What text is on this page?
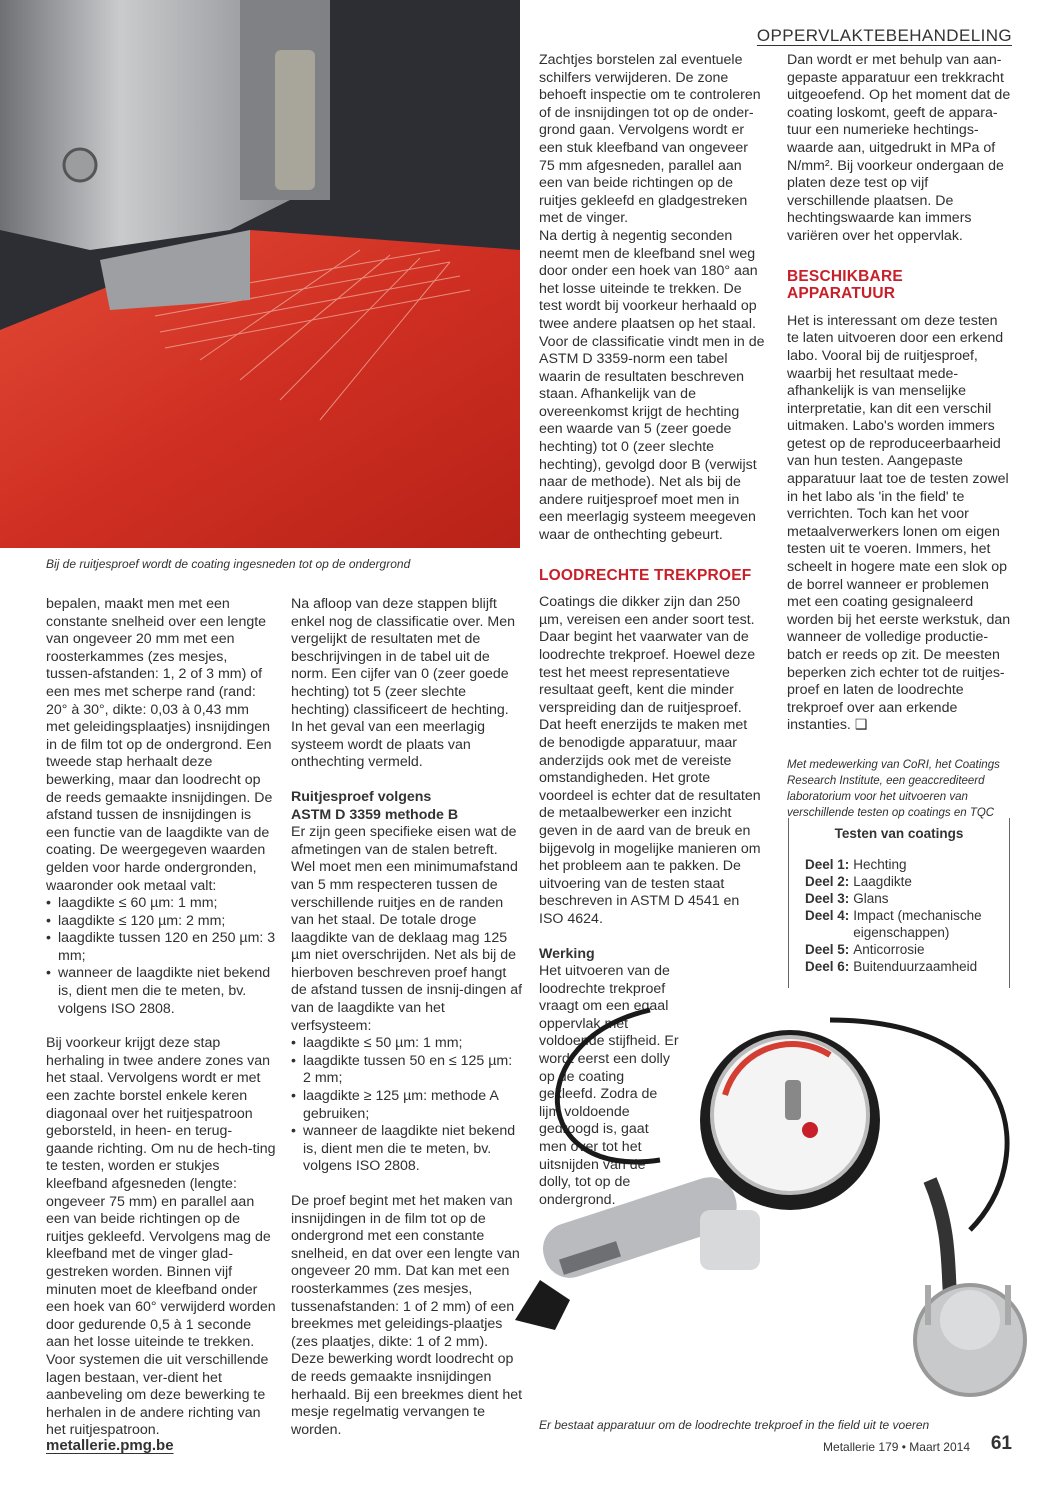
Bij de ruitjesproef wordt de coating ingesneden tot op de ondergrond
OPPERVLAKTEBEHANDELING

bepalen, maakt men met een constante snelheid over een lengte van ongeveer 20 mm met een roosterkammes (zes mesjes, tussen-afstanden: 1, 2 of 3 mm) of een mes met scherpe rand (rand: 20° à 30°, dikte: 0,03 à 0,43 mm met geleidingsplaatjes) insnijdingen in de film tot op de ondergrond. Een tweede stap herhaalt deze bewerking, maar dan loodrecht op de reeds gemaakte insnijdingen. De afstand tussen de insnijdingen is een functie van de laagdikte van de coating. De weergegeven waarden gelden voor harde ondergronden, waaronder ook metaal valt:

• laagdikte ≤ 60 µm: 1 mm;
• laagdikte ≤ 120 µm: 2 mm;
• laagdikte tussen 120 en 250 µm: 3 mm;
• wanneer de laagdikte niet bekend is, dient men die te meten, bv. volgens ISO 2808.

Bij voorkeur krijgt deze stap herhaling in twee andere zones van het staal. Vervolgens wordt er met een zachte borstel enkele keren diagonaal over het ruitjespatroon geborsteld, in heen- en terug-gaande richting. Om nu de hech-ting te testen, worden er stukjes kleefband afgesneden (lengte: ongeveer 75 mm) en parallel aan een van beide richtingen op de ruitjes gekleefd. Vervolgens mag de kleefband met de vinger glad-gestreken worden. Binnen vijf minuten moet de kleefband onder een hoek van 60° verwijderd worden door gedurende 0,5 à 1 seconde aan het losse uiteinde te trekken. Voor systemen die uit verschillende lagen bestaan, ver-dient het aanbeveling om deze bewerking te herhalen in de andere richting van het ruitjespatroon.

Na afloop van deze stappen blijft enkel nog de classificatie over. Men vergelijkt de resultaten met de beschrijvingen in de tabel uit de norm. Een cijfer van 0 (zeer goede hechting) tot 5 (zeer slechte hechting) classificeert de hechting. In het geval van een meerlagig systeem wordt de plaats van onthechting vermeld.

Ruitjesproef volgens
ASTM D 3359 methode B

Er zijn geen specifieke eisen wat de afmetingen van de stalen betreft. Wel moet men een minimumafstand van 5 mm respecteren tussen de verschillende ruitjes en de randen van het staal. De totale droge laagdikte van de deklaag mag 125 µm niet overschrijden. Net als bij de hierboven beschreven proef hangt de afstand tussen de insnij-dingen af van de laagdikte van het verfsysteem:

• laagdikte ≤ 50 µm: 1 mm;
• laagdikte tussen 50 en ≤ 125 µm: 2 mm;
• laagdikte ≥ 125 µm: methode A gebruiken;
• wanneer de laagdikte niet bekend is, dient men die te meten, bv. volgens ISO 2808.

De proef begint met het maken van insnijdingen in de film tot op de ondergrond met een constante snelheid, en dat over een lengte van ongeveer 20 mm. Dat kan met een roosterkammes (zes mesjes, tussenafstanden: 1 of 2 mm) of een breekmes met geleidings-plaatjes (zes plaatjes, dikte: 1 of 2 mm). Deze bewerking wordt loodrecht op de reeds gemaakte insnijdingen herhaald. Bij een breekmes dient het mesje regelmatig vervangen te worden.

Zachtjes borstelen zal eventuele schilfers verwijderen. De zone behoeft inspectie om te controleren of de insnijdingen tot op de onder-grond gaan. Vervolgens wordt er een stuk kleefband van ongeveer 75 mm afgesneden, parallel aan een van beide richtingen op de ruitjes gekleefd en gladgestreken met de vinger.

Na dertig à negentig seconden neemt men de kleefband snel weg door onder een hoek van 180° aan het losse uiteinde te trekken. De test wordt bij voorkeur herhaald op twee andere plaatsen op het staal. Voor de classificatie vindt men in de ASTM D 3359-norm een tabel waarin de resultaten beschreven staan. Afhankelijk van de overeenkomst krijgt de hechting een waarde van 5 (zeer goede hechting) tot 0 (zeer slechte hechting), gevolgd door B (verwijst naar de methode). Net als bij de andere ruitjesproef moet men in een meerlagig systeem meegeven waar de onthechting gebeurt.

LOODRECHTE TREKPROEF

Coatings die dikker zijn dan 250 µm, vereisen een ander soort test. Daar begint het vaarwater van de loodrechte trekproef. Hoewel deze test het meest representatieve resultaat geeft, kent die minder verspreiding dan de ruitjesproef. Dat heeft enerzijds te maken met de benodigde apparatuur, maar anderzijds ook met de vereiste omstandigheden. Het grote voordeel is echter dat de resultaten de metaalbewerker een inzicht geven in de aard van de breuk en bijgevolg in mogelijke manieren om het probleem aan te pakken. De uitvoering van de testen staat beschreven in ASTM D 4541 en ISO 4624.

Werking

Het uitvoeren van de loodrechte trekproef vraagt om een egaal oppervlak met voldoende stijfheid. Er wordt eerst een dolly op de coating gekleefd. Zodra de lijm voldoende gedroogd is, gaat men over tot het uitsnijden van de dolly, tot op de ondergrond.

Dan wordt er met behulp van aan-gepaste apparatuur een trekkracht uitgeoefend. Op het moment dat de coating loskomt, geeft de appara-tuur een numerieke hechtings-waarde aan, uitgedrukt in MPa of N/mm². Bij voorkeur ondergaan de platen deze test op vijf verschillende plaatsen. De hechtingswaarde kan immers variëren over het oppervlak.

BESCHIKBARE APPARATUUR

Het is interessant om deze testen te laten uitvoeren door een erkend labo. Vooral bij de ruitjesproef, waarbij het resultaat mede-afhankelijk is van menselijke interpretatie, kan dit een verschil uitmaken. Labo's worden immers getest op de reproduceerbaarheid van hun testen. Aangepaste apparatuur laat toe de testen zowel in het labo als 'in the field' te verrichten. Toch kan het voor metaalverwerkers lonen om eigen testen uit te voeren. Immers, het scheelt in hogere mate een slok op de borrel wanneer er problemen met een coating gesignaleerd worden bij het eerste werkstuk, dan wanneer de volledige productie-batch er reeds op zit. De meesten beperken zich echter tot de ruitjes-proef en laten de loodrechte trekproef over aan erkende instanties. ❑

Met medewerking van CoRI, het Coatings Research Institute, een geaccrediteerd laboratorium voor het uitvoeren van verschillende testen op coatings en TQC

Testen van coatings
Deel 1: Hechting
Deel 2: Laagdikte
Deel 3: Glans
Deel 4: Impact (mechanische eigenschappen)
Deel 5: Anticorrosie
Deel 6: Buitenduurzaamheid
Er bestaat apparatuur om de loodrechte trekproef in the field uit te voeren
metallerie.pmg.be	Metallerie 179 • Maart 2014 61
